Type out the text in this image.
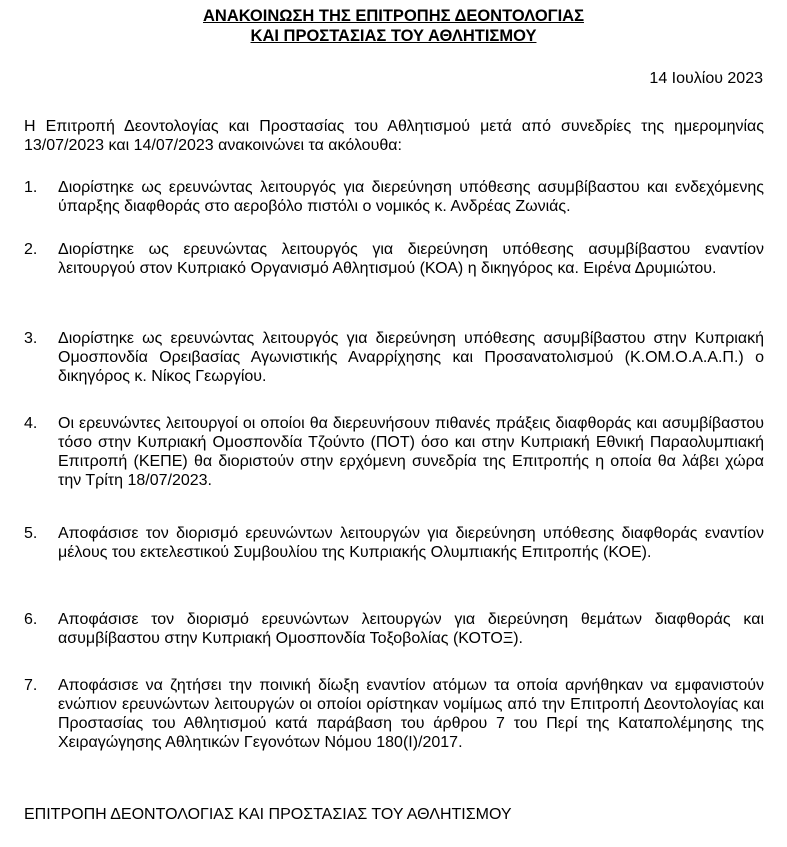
ΑΝΑΚΟΙΝΩΣΗ ΤΗΣ ΕΠΙΤΡΟΠΗΣ ΔΕΟΝΤΟΛΟΓΙΑΣ
ΚΑΙ ΠΡΟΣΤΑΣΙΑΣ ΤΟΥ ΑΘΛΗΤΙΣΜΟΥ
14 Ιουλίου 2023
Η Επιτροπή Δεοντολογίας και Προστασίας του Αθλητισμού μετά από συνεδρίες της ημερομηνίας 13/07/2023 και 14/07/2023 ανακοινώνει τα ακόλουθα:
1.	Διορίστηκε ως ερευνώντας λειτουργός για διερεύνηση υπόθεσης ασυμβίβαστου και ενδεχόμενης ύπαρξης διαφθοράς στο αεροβόλο πιστόλι ο νομικός κ. Ανδρέας Ζωνιάς.
2.	Διορίστηκε ως ερευνώντας λειτουργός για διερεύνηση υπόθεσης ασυμβίβαστου εναντίον λειτουργού στον Κυπριακό Οργανισμό Αθλητισμού (ΚΟΑ) η δικηγόρος κα. Ειρένα Δρυμιώτου.
3.	Διορίστηκε ως ερευνώντας λειτουργός για διερεύνηση υπόθεσης ασυμβίβαστου στην Κυπριακή Ομοσπονδία Ορειβασίας Αγωνιστικής Αναρρίχησης και Προσανατολισμού (Κ.ΟΜ.Ο.Α.Α.Π.) ο δικηγόρος κ. Νίκος Γεωργίου.
4.	Οι ερευνώντες λειτουργοί οι οποίοι θα διερευνήσουν πιθανές πράξεις διαφθοράς και ασυμβίβαστου τόσο στην Κυπριακή Ομοσπονδία Τζούντο (ΠΟΤ) όσο και στην Κυπριακή Εθνική Παραολυμπιακή Επιτροπή (ΚΕΠΕ) θα διοριστούν στην ερχόμενη συνεδρία της Επιτροπής η οποία θα λάβει χώρα την Τρίτη 18/07/2023.
5.	Αποφάσισε τον διορισμό ερευνώντων λειτουργών για διερεύνηση υπόθεσης διαφθοράς εναντίον μέλους του εκτελεστικού Συμβουλίου της Κυπριακής Ολυμπιακής Επιτροπής (ΚΟΕ).
6.	Αποφάσισε τον διορισμό ερευνώντων λειτουργών για διερεύνηση θεμάτων διαφθοράς και ασυμβίβαστου στην Κυπριακή Ομοσπονδία Τοξοβολίας (ΚΟΤΟΞ).
7.	Αποφάσισε να ζητήσει την ποινική δίωξη εναντίον ατόμων τα οποία αρνήθηκαν να εμφανιστούν ενώπιον ερευνώντων λειτουργών οι οποίοι ορίστηκαν νομίμως από την Επιτροπή Δεοντολογίας και Προστασίας του Αθλητισμού κατά παράβαση του άρθρου 7 του Περί της Καταπολέμησης της Χειραγώγησης Αθλητικών Γεγονότων Νόμου 180(Ι)/2017.
ΕΠΙΤΡΟΠΗ ΔΕΟΝΤΟΛΟΓΙΑΣ ΚΑΙ ΠΡΟΣΤΑΣΙΑΣ ΤΟΥ ΑΘΛΗΤΙΣΜΟΥ
